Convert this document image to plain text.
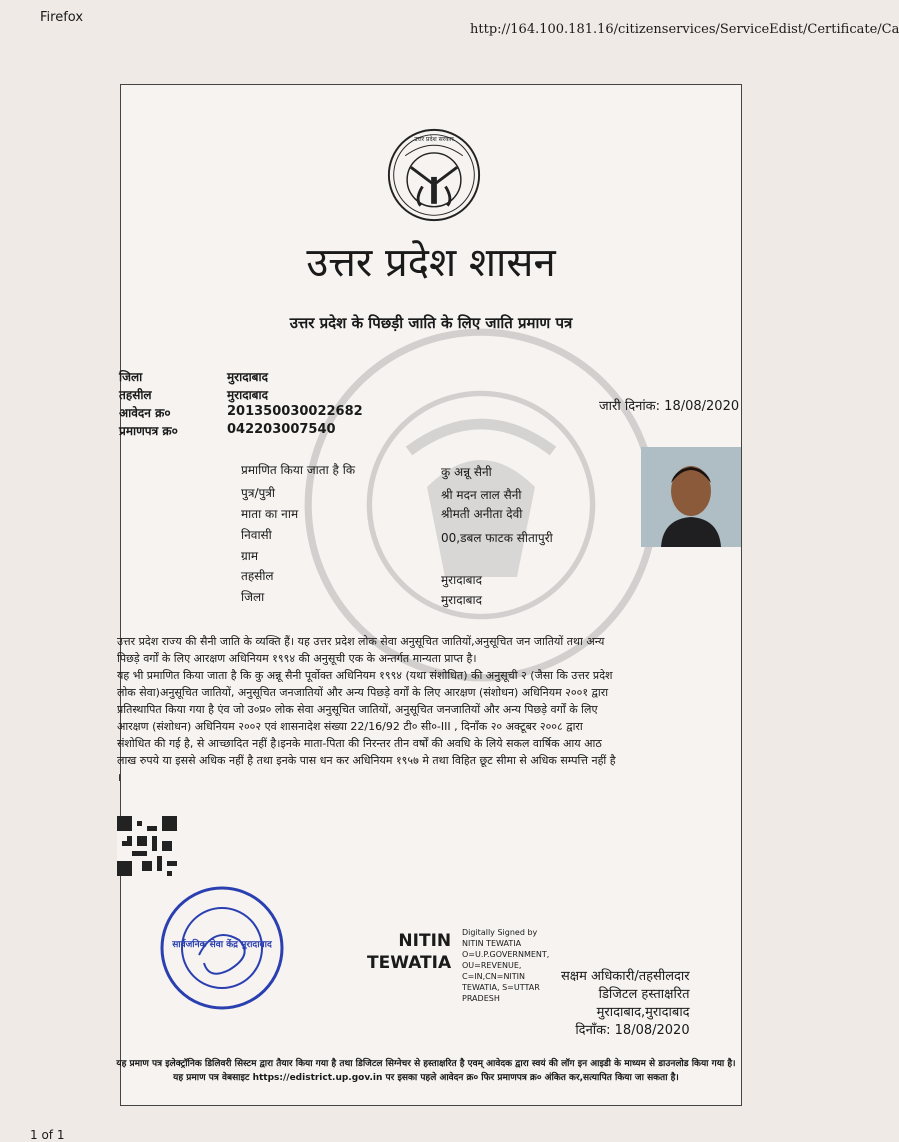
Firefox
http://164.100.181.16/citizenservices/ServiceEdist/Certificate/Ca
उत्तर प्रदेश सरकार
उत्तर प्रदेश शासन
उत्तर प्रदेश के पिछड़ी जाति के लिए जाति प्रमाण पत्र
जिला	मुरादाबाद
तहसील	मुरादाबाद
आवेदन क्र०	20135003002268​2
प्रमाणपत्र क्र०	042203007540
जारी दिनांक: 18/08/2020
प्रमाणित किया जाता है कि	कु अन्नू सैनी
पुत्र/पुत्री	श्री मदन लाल सैनी
माता का नाम	श्रीमती अनीता देवी
निवासी	00,डबल फाटक सीतापुरी
ग्राम
तहसील	मुरादाबाद
जिला	मुरादाबाद
उत्तर प्रदेश राज्य की सैनी जाति के व्यक्ति हैं। यह उत्तर प्रदेश लोक सेवा अनुसूचित जातियों,अनुसूचित जन जातियों तथा अन्य
पिछड़े वर्गों के लिए आरक्षण अधिनियम १९९४ की अनुसूची एक के अन्तर्गत मान्यता प्राप्त है।
यह भी प्रमाणित किया जाता है कि कु अन्नू सैनी पूर्वोक्त अधिनियम १९९४ (यथा संशोधित) की अनुसूची २ (जैसा कि उत्तर प्रदेश
लोक सेवा)अनुसूचित जातियों, अनुसूचित जनजातियों और अन्य पिछड़े वर्गों के लिए आरक्षण (संशोधन) अधिनियम २००१ द्वारा
प्रतिस्थापित किया गया है एंव जो उ०प्र० लोक सेवा अनुसूचित जातियों, अनुसूचित जनजातियों और अन्य पिछड़े वर्गों के लिए
आरक्षण (संशोधन) अधिनियम २००२ एवं शासनादेश संख्या 22/16/92 टी० सी०-III , दिनाँक २० अक्टूबर २००८ द्वारा
संशोधित की गई है, से आच्छादित नहीं है।इनके माता-पिता की निरन्तर तीन वर्षों की अवधि के लिये सकल वार्षिक आय आठ
लाख रुपये या इससे अधिक नहीं है तथा इनके पास धन कर अधिनियम १९५७ मे तथा विहित छूट सीमा से अधिक सम्पत्ति नहीं है
।
सार्वजनिक सेवा केंद्र मुरादाबाद	NITIN
TEWATIA
Digitally Signed by
NITIN TEWATIA
O=U.P.GOVERNMENT,
OU=REVENUE,
C=IN,CN=NITIN
TEWATIA, S=UTTAR
PRADESH
सक्षम अधिकारी/तहसीलदार
डिजिटल हस्ताक्षरित
मुरादाबाद,मुरादाबाद
दिनाँक: 18/08/2020
यह प्रमाण पत्र इलेक्ट्रॉनिक डिलिवरी सिस्टम द्वारा तैयार किया गया है तथा डिजिटल सिग्नेचर से हस्ताक्षरित है एवम् आवेदक द्वारा स्वयं की लॉग इन आइडी के माध्यम से डाउनलोड किया गया है। यह प्रमाण पत्र वेबसाइट https://edistrict.up.gov.in पर इसका पहले आवेदन क्र० फिर प्रमाणपत्र क्र० अंकित कर,सत्यापित किया जा सकता है।
1 of 1
